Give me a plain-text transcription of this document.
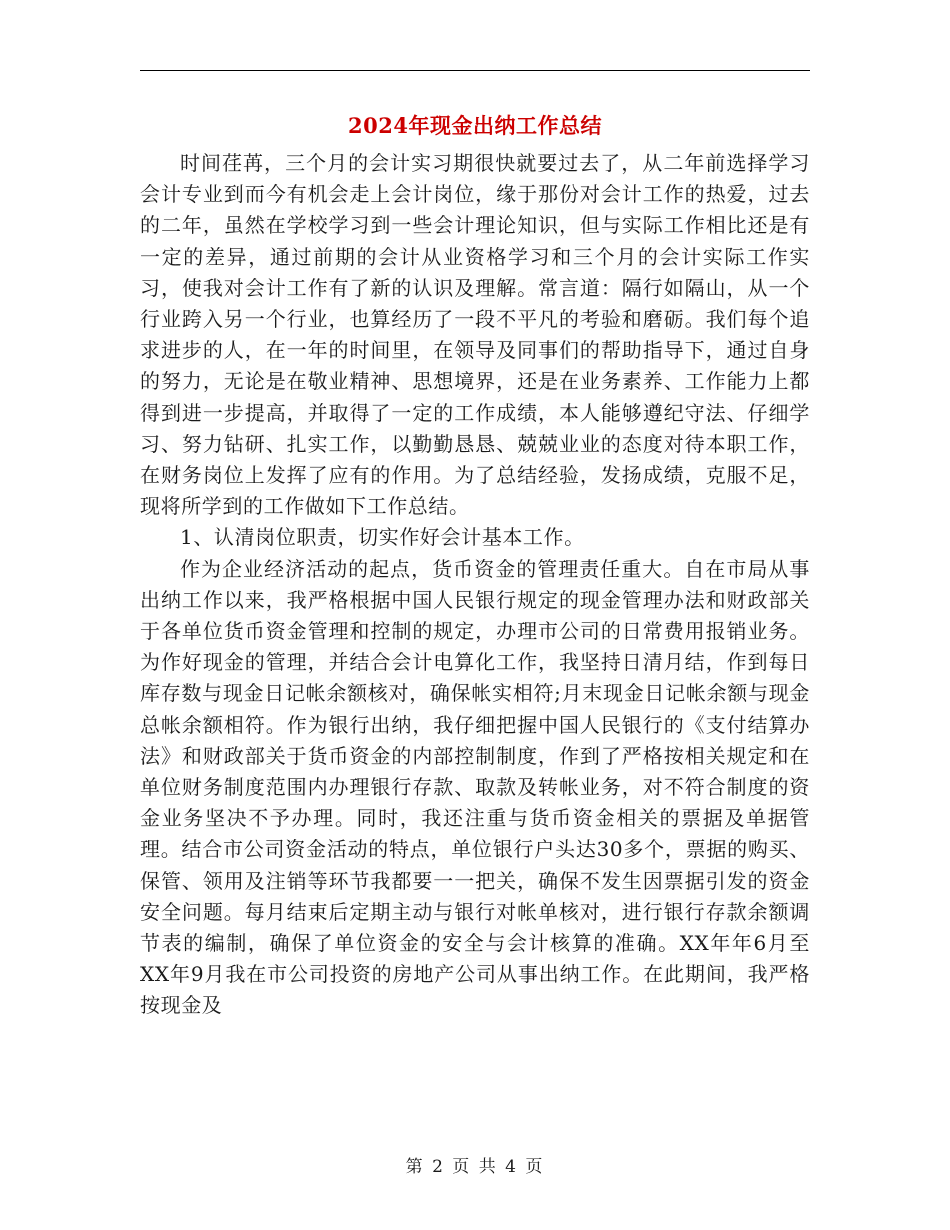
2024年现金出纳工作总结

时间荏苒，三个月的会计实习期很快就要过去了，从二年前选择学习会计专业到而今有机会走上会计岗位，缘于那份对会计工作的热爱，过去的二年，虽然在学校学习到一些会计理论知识，但与实际工作相比还是有一定的差异，通过前期的会计从业资格学习和三个月的会计实际工作实习，使我对会计工作有了新的认识及理解。常言道：隔行如隔山，从一个行业跨入另一个行业，也算经历了一段不平凡的考验和磨砺。我们每个追求进步的人，在一年的时间里，在领导及同事们的帮助指导下，通过自身的努力，无论是在敬业精神、思想境界，还是在业务素养、工作能力上都得到进一步提高，并取得了一定的工作成绩，本人能够遵纪守法、仔细学习、努力钻研、扎实工作，以勤勤恳恳、兢兢业业的态度对待本职工作，在财务岗位上发挥了应有的作用。为了总结经验，发扬成绩，克服不足，现将所学到的工作做如下工作总结。

1、认清岗位职责，切实作好会计基本工作。

作为企业经济活动的起点，货币资金的管理责任重大。自在市局从事出纳工作以来，我严格根据中国人民银行规定的现金管理办法和财政部关于各单位货币资金管理和控制的规定，办理市公司的日常费用报销业务。为作好现金的管理，并结合会计电算化工作，我坚持日清月结，作到每日库存数与现金日记帐余额核对，确保帐实相符;月末现金日记帐余额与现金总帐余额相符。作为银行出纳，我仔细把握中国人民银行的《支付结算办法》和财政部关于货币资金的内部控制制度，作到了严格按相关规定和在单位财务制度范围内办理银行存款、取款及转帐业务，对不符合制度的资金业务坚决不予办理。同时，我还注重与货币资金相关的票据及单据管理。结合市公司资金活动的特点，单位银行户头达30多个，票据的购买、保管、领用及注销等环节我都要一一把关，确保不发生因票据引发的资金安全问题。每月结束后定期主动与银行对帐单核对，进行银行存款余额调节表的编制，确保了单位资金的安全与会计核算的准确。XX年年6月至XX年9月我在市公司投资的房地产公司从事出纳工作。在此期间，我严格按现金及

第 2 页 共 4 页
